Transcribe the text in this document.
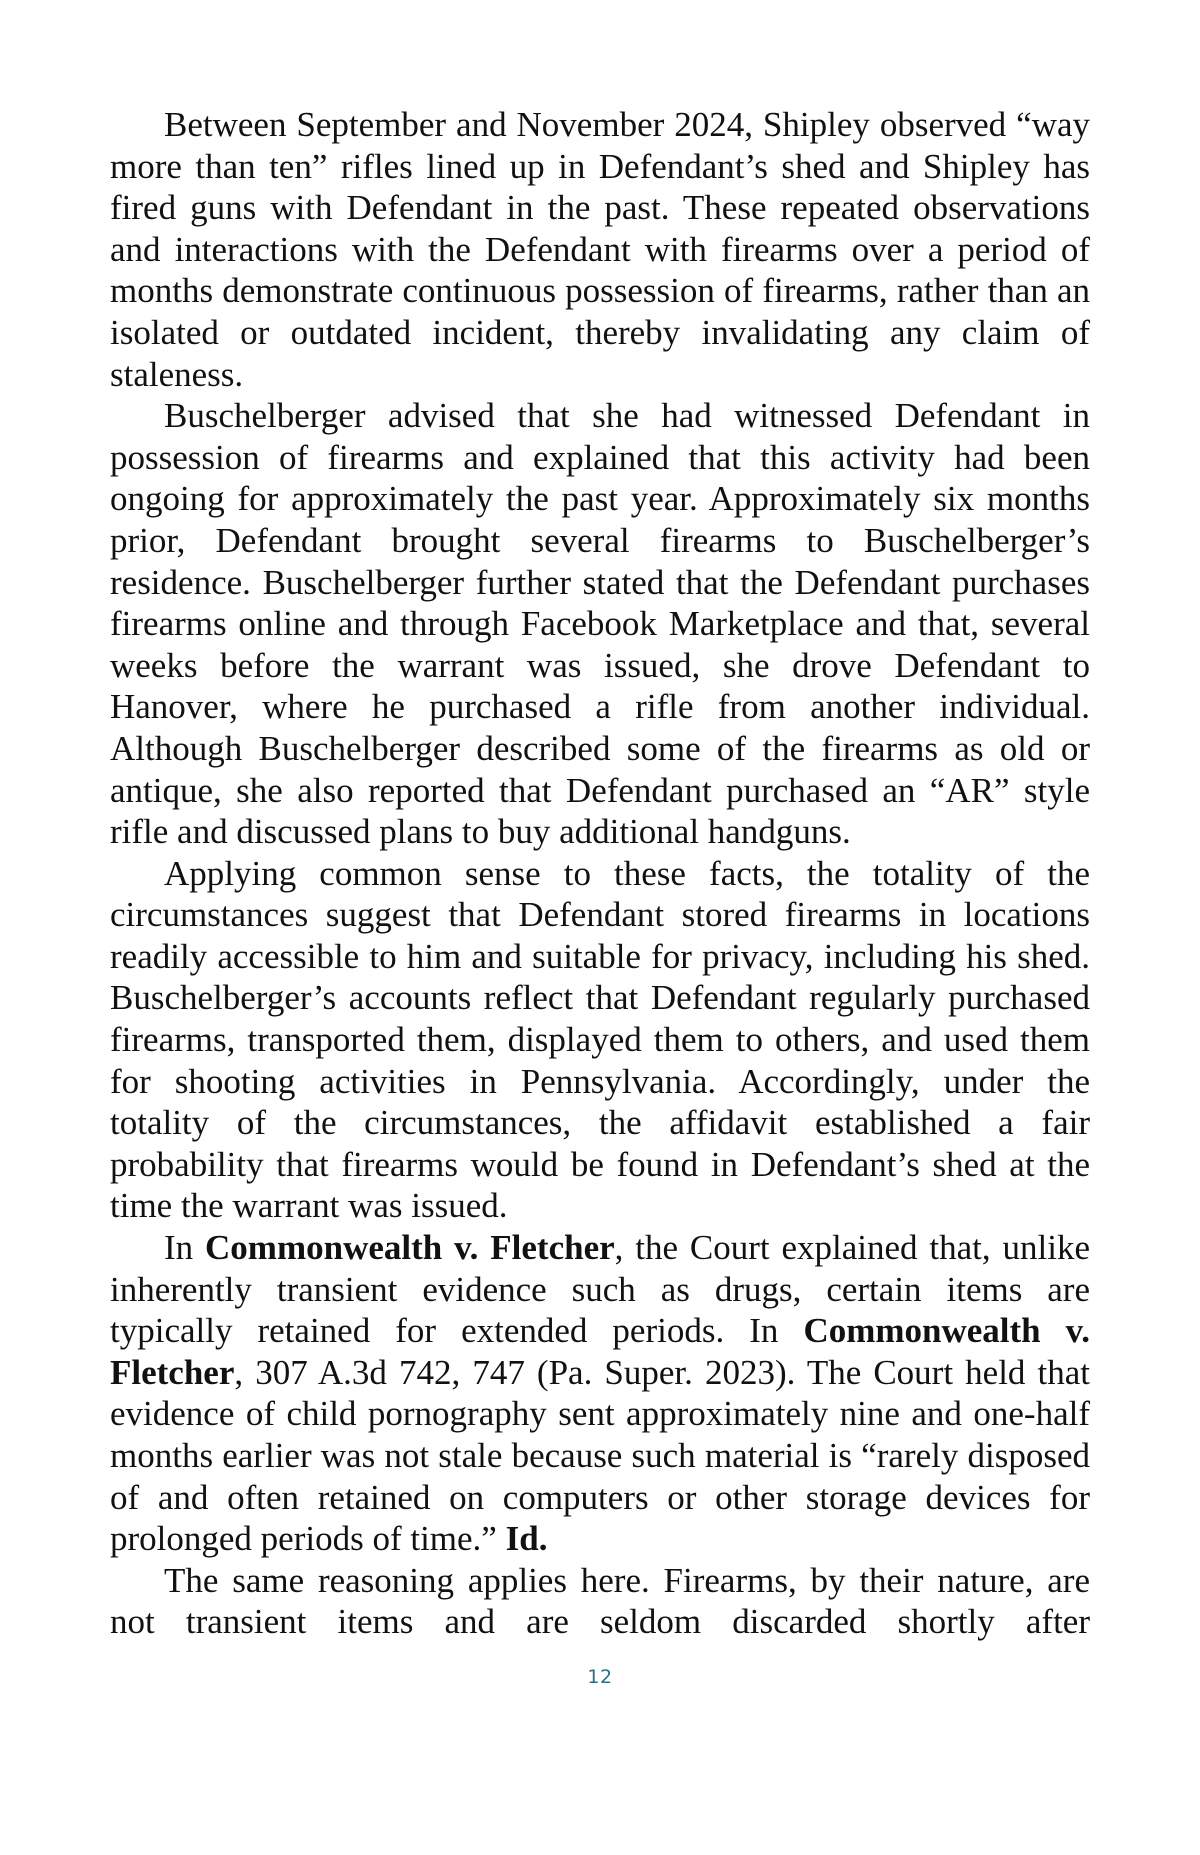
Between September and November 2024, Shipley observed “way more than ten” rifles lined up in Defendant’s shed and Shipley has fired guns with Defendant in the past. These repeated observations and interactions with the Defendant with firearms over a period of months demonstrate continuous possession of firearms, rather than an isolated or outdated incident, thereby invalidating any claim of staleness.

Buschelberger advised that she had witnessed Defendant in possession of firearms and explained that this activity had been ongoing for approximately the past year. Approximately six months prior, Defendant brought several firearms to Buschelberger’s residence. Buschelberger further stated that the Defendant purchases firearms online and through Facebook Marketplace and that, several weeks before the warrant was issued, she drove Defendant to Hanover, where he purchased a rifle from another individual. Although Buschelberger described some of the firearms as old or antique, she also reported that Defendant purchased an “AR” style rifle and discussed plans to buy additional handguns.

Applying common sense to these facts, the totality of the circumstances suggest that Defendant stored firearms in locations readily accessible to him and suitable for privacy, including his shed. Buschelberger’s accounts reflect that Defendant regularly purchased firearms, transported them, displayed them to others, and used them for shooting activities in Pennsylvania. Accordingly, under the totality of the circumstances, the affidavit established a fair probability that firearms would be found in Defendant’s shed at the time the warrant was issued.

In Commonwealth v. Fletcher, the Court explained that, unlike inherently transient evidence such as drugs, certain items are typically retained for extended periods. In Commonwealth v. Fletcher, 307 A.3d 742, 747 (Pa. Super. 2023). The Court held that evidence of child pornography sent approximately nine and one-half months earlier was not stale because such material is “rarely disposed of and often retained on computers or other storage devices for prolonged periods of time.” Id.

The same reasoning applies here. Firearms, by their nature, are not transient items and are seldom discarded shortly after

12
